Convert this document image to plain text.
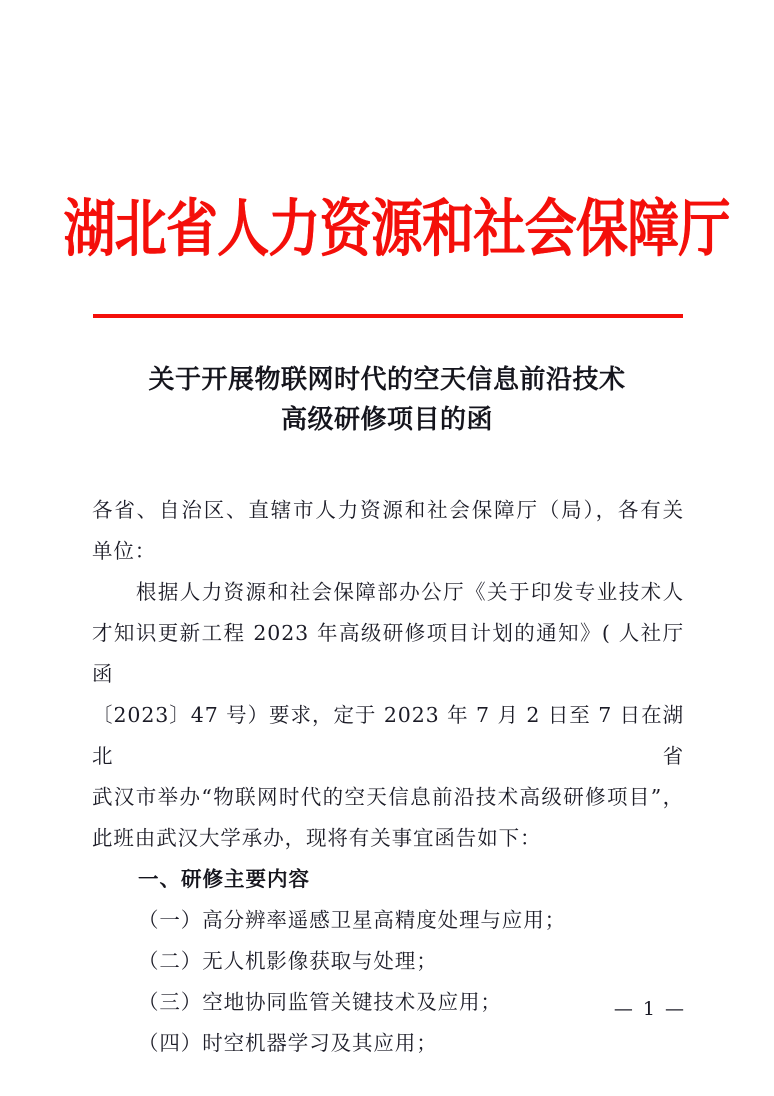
湖北省人力资源和社会保障厅
关于开展物联网时代的空天信息前沿技术
高级研修项目的函

各省、自治区、直辖市人力资源和社会保障厅（局），各有关
单位：

　　根据人力资源和社会保障部办公厅《关于印发专业技术人
才知识更新工程 2023 年高级研修项目计划的通知》( 人社厅函
〔2023〕47 号）要求，定于 2023 年 7 月 2 日至 7 日在湖北省
武汉市举办“物联网时代的空天信息前沿技术高级研修项目”，
此班由武汉大学承办，现将有关事宜函告如下：

一、研修主要内容

（一）高分辨率遥感卫星高精度处理与应用；

（二）无人机影像获取与处理；

（三）空地协同监管关键技术及应用；

（四）时空机器学习及其应用；

— 1 —
